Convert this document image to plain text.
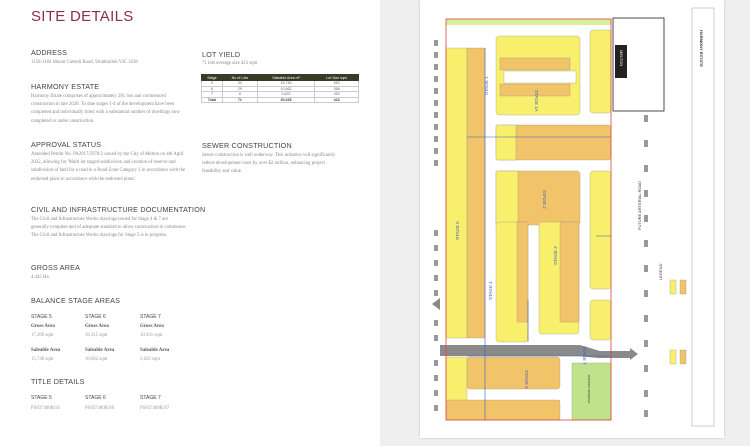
SITE DETAILS
ADDRESS
1156-1184 Mount Cottrell Road, Strathtulloh VIC 3338
HARMONY ESTATE
Harmony Estate comprises of approximately 281 lots and commenced construction in late 2020. To date stages 1-4 of the development have been completed and individually titled with a substantial number of dwellings now completed or under construction.
APPROVAL STATUS
Amended Permit No. PA2017/5970/2 issued by the City of Melton on 4th April 2022, allowing for 'Multi lot staged subdivision and creation of reserve and subdivision of land for a road in a Road Zone Category 1 in accordance with the endorsed plans in accordance with the endorsed plans'.
CIVIL AND INFRASTRUCTURE DOCUMENTATION
The Civil and Infrastructure Works drawings issued for Stage 4 & 7 are generally complete and of adequate standard to allow construction to commence. The Civil and Infrastructure Works drawings for Stage 5 is in progress.
GROSS AREA
4.445 Ha
BALANCE STAGE AREAS
STAGE 5	STAGE 6	STAGE 7
Gross Area	Gross Area	Gross Area
17,200 sqm	16,315 sqm	10,931 sqm
Saleable Area	Saleable Area	Saleable Area
15,746 sqm	10,662 sqm	3,620 sqm
TITLE DETAILS
STAGE 5	STAGE 6	STAGE 7
PS837400R/S5	PS837400R/S6	PS837400R/S7
LOT YIELD
71 lots average size 423 sqm
Stage	No of Lots	Saleable Area m²	Lot Size sqm
5	34	15,746	463
6	29	10,662	368
7	8	3,620	453
Total	71	30,028	423
SEWER CONSTRUCTION
Sewer construction is well underway. This initiative will significantly reduce development costs by over $2 million, enhancing project feasibility and value.
STAGE 1
STAGE 1A
STAGE 2
STAGE 3
STAGE 4
STAGE 5
STAGE 6
STAGE 7
FUTURE ARTERIAL ROAD
HARMONY ESTATE
MELTON
LEGEND
COUNCIL RESERVE
